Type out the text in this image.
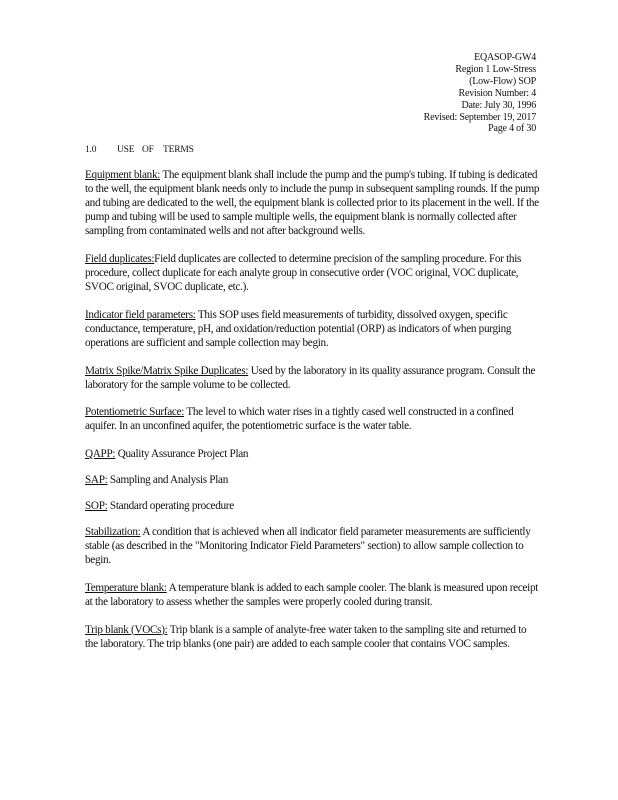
EQASOP-GW4
Region 1 Low-Stress
(Low-Flow) SOP
Revision Number: 4
Date: July 30, 1996
Revised: September 19, 2017
Page 4 of 30
1.0 USE OF TERMS

Equipment blank: The equipment blank shall include the pump and the pump's tubing. If tubing is dedicated to the well, the equipment blank needs only to include the pump in subsequent sampling rounds. If the pump and tubing are dedicated to the well, the equipment blank is collected prior to its placement in the well. If the pump and tubing will be used to sample multiple wells, the equipment blank is normally collected after sampling from contaminated wells and not after background wells.

Field duplicates:Field duplicates are collected to determine precision of the sampling procedure. For this procedure, collect duplicate for each analyte group in consecutive order (VOC original, VOC duplicate, SVOC original, SVOC duplicate, etc.).

Indicator field parameters: This SOP uses field measurements of turbidity, dissolved oxygen, specific conductance, temperature, pH, and oxidation/reduction potential (ORP) as indicators of when purging operations are sufficient and sample collection may begin.

Matrix Spike/Matrix Spike Duplicates: Used by the laboratory in its quality assurance program. Consult the laboratory for the sample volume to be collected.

Potentiometric Surface: The level to which water rises in a tightly cased well constructed in a confined aquifer. In an unconfined aquifer, the potentiometric surface is the water table.

QAPP: Quality Assurance Project Plan

SAP: Sampling and Analysis Plan

SOP: Standard operating procedure

Stabilization: A condition that is achieved when all indicator field parameter measurements are sufficiently stable (as described in the "Monitoring Indicator Field Parameters" section) to allow sample collection to begin.

Temperature blank: A temperature blank is added to each sample cooler. The blank is measured upon receipt at the laboratory to assess whether the samples were properly cooled during transit.

Trip blank (VOCs): Trip blank is a sample of analyte-free water taken to the sampling site and returned to the laboratory. The trip blanks (one pair) are added to each sample cooler that contains VOC samples.
